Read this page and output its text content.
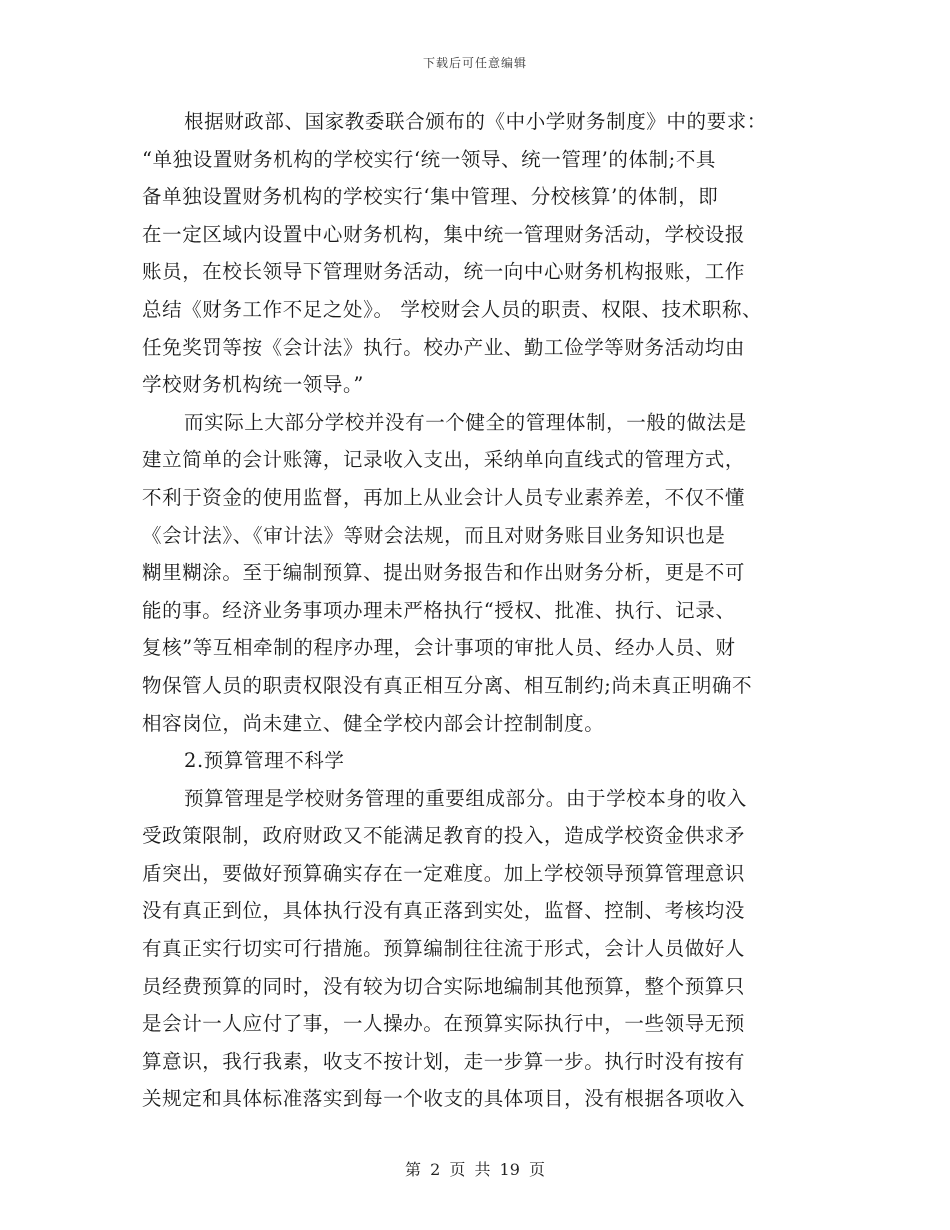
下载后可任意编辑
根据财政部、国家教委联合颁布的《中小学财务制度》中的要求：
“单独设置财务机构的学校实行‘统一领导、统一管理’的体制;不具
备单独设置财务机构的学校实行‘集中管理、分校核算’的体制，即
在一定区域内设置中心财务机构，集中统一管理财务活动，学校设报
账员，在校长领导下管理财务活动，统一向中心财务机构报账，工作
总结《财务工作不足之处》。 学校财会人员的职责、权限、技术职称、
任免奖罚等按《会计法》执行。校办产业、勤工俭学等财务活动均由
学校财务机构统一领导。”
而实际上大部分学校并没有一个健全的管理体制，一般的做法是
建立简单的会计账簿，记录收入支出，采纳单向直线式的管理方式，
不利于资金的使用监督，再加上从业会计人员专业素养差，不仅不懂
《会计法》、《审计法》等财会法规，而且对财务账目业务知识也是
糊里糊涂。至于编制预算、提出财务报告和作出财务分析，更是不可
能的事。经济业务事项办理未严格执行“授权、批准、执行、记录、
复核”等互相牵制的程序办理，会计事项的审批人员、经办人员、财
物保管人员的职责权限没有真正相互分离、相互制约;尚未真正明确不
相容岗位，尚未建立、健全学校内部会计控制制度。
2.预算管理不科学
预算管理是学校财务管理的重要组成部分。由于学校本身的收入
受政策限制，政府财政又不能满足教育的投入，造成学校资金供求矛
盾突出，要做好预算确实存在一定难度。加上学校领导预算管理意识
没有真正到位，具体执行没有真正落到实处，监督、控制、考核均没
有真正实行切实可行措施。预算编制往往流于形式，会计人员做好人
员经费预算的同时，没有较为切合实际地编制其他预算，整个预算只
是会计一人应付了事，一人操办。在预算实际执行中，一些领导无预
算意识，我行我素，收支不按计划，走一步算一步。执行时没有按有
关规定和具体标准落实到每一个收支的具体项目，没有根据各项收入
第 2 页 共 19 页
